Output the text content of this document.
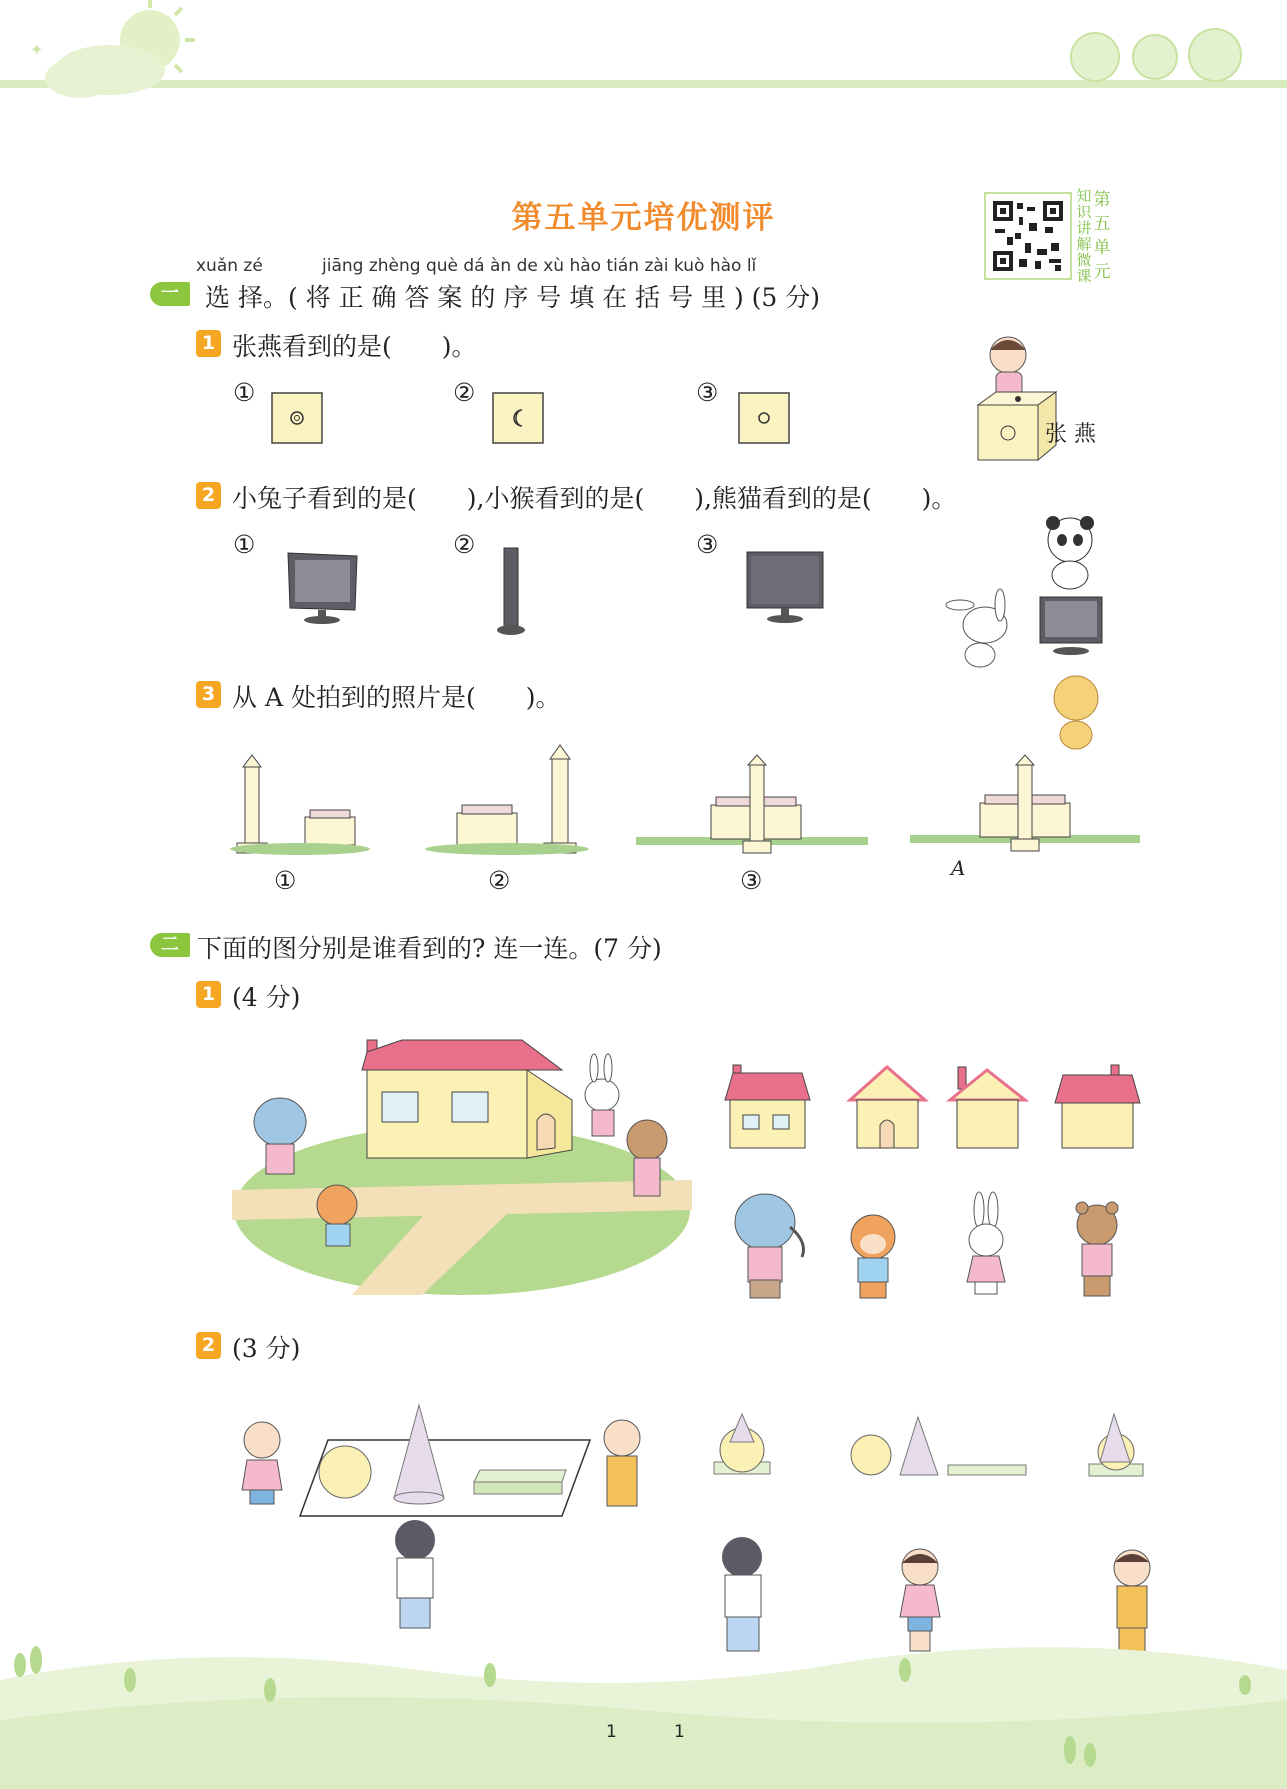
✦
第五单元培优测评	第
五
单
元
知
识
讲
解
微
课
xuǎn zé	jiāng zhèng què dá àn de xù hào tián zài kuò hào lǐ
一	选 择。( 将 正 确 答 案 的 序 号 填 在 括 号 里 ) (5 分)
1 张燕看到的是(　　)。
①	②	③
张 燕
2 小兔子看到的是(　　),小猴看到的是(　　),熊猫看到的是(　　)。
①	②	③
3 从 A 处拍到的照片是(　　)。
①	②	③	A
二 下面的图分别是谁看到的? 连一连。(7 分)
1 (4 分)
2 (3 分)
1	1
